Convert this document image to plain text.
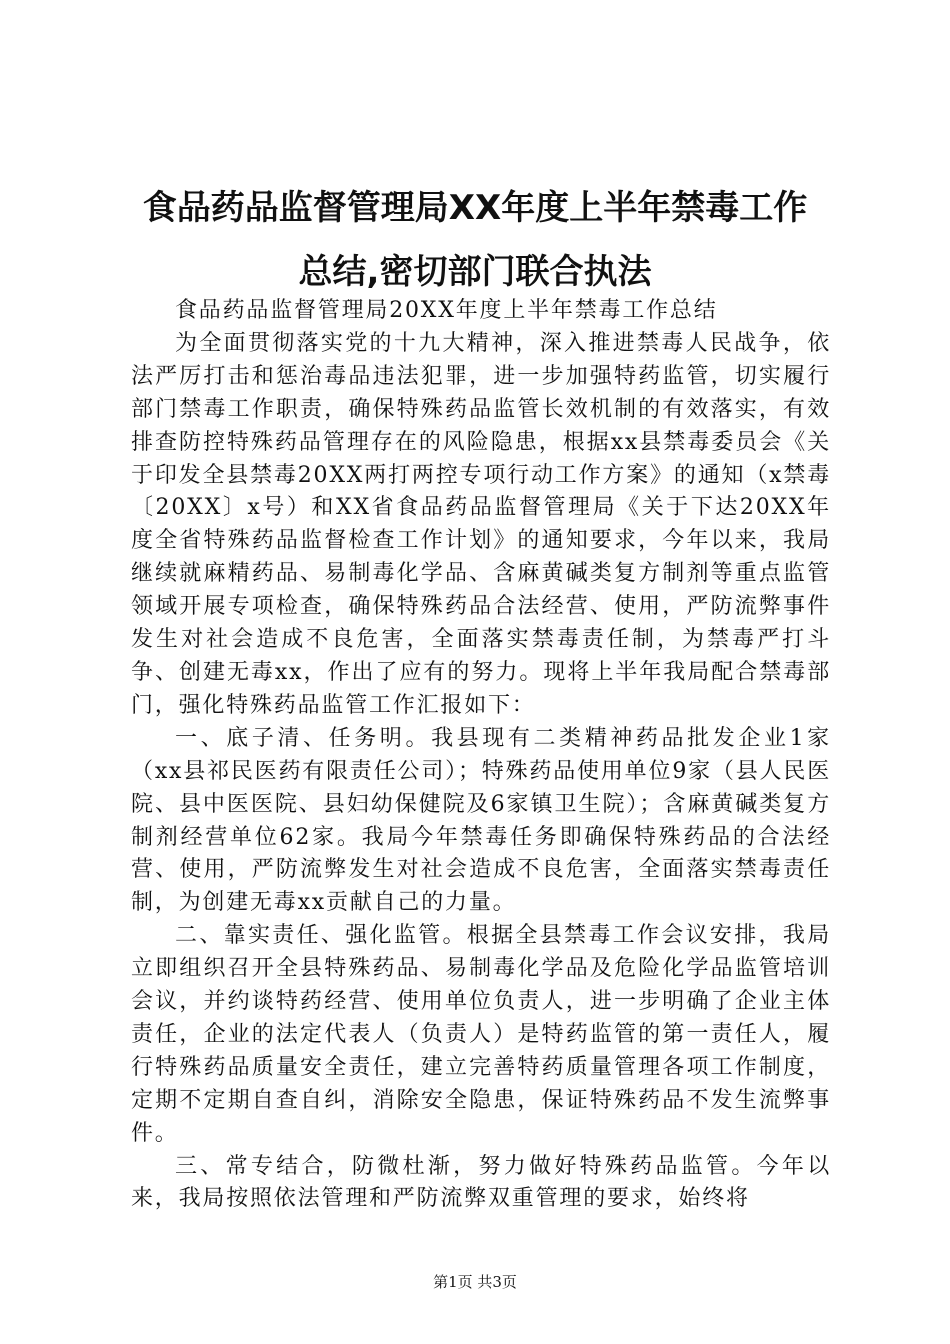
食品药品监督管理局XX年度上半年禁毒工作
总结,密切部门联合执法

食品药品监督管理局20XX年度上半年禁毒工作总结

为全面贯彻落实党的十九大精神，深入推进禁毒人民战争，依法严厉打击和惩治毒品违法犯罪，进一步加强特药监管，切实履行部门禁毒工作职责，确保特殊药品监管长效机制的有效落实，有效排查防控特殊药品管理存在的风险隐患，根据xx县禁毒委员会《关于印发全县禁毒20XX两打两控专项行动工作方案》的通知（x禁毒〔20XX〕x号）和XX省食品药品监督管理局《关于下达20XX年度全省特殊药品监督检查工作计划》的通知要求，今年以来，我局继续就麻精药品、易制毒化学品、含麻黄碱类复方制剂等重点监管领域开展专项检查，确保特殊药品合法经营、使用，严防流弊事件发生对社会造成不良危害，全面落实禁毒责任制，为禁毒严打斗争、创建无毒xx，作出了应有的努力。现将上半年我局配合禁毒部门，强化特殊药品监管工作汇报如下：

一、底子清、任务明。我县现有二类精神药品批发企业1家（xx县祁民医药有限责任公司）；特殊药品使用单位9家（县人民医院、县中医医院、县妇幼保健院及6家镇卫生院）；含麻黄碱类复方制剂经营单位62家。我局今年禁毒任务即确保特殊药品的合法经营、使用，严防流弊发生对社会造成不良危害，全面落实禁毒责任制，为创建无毒xx贡献自己的力量。

二、靠实责任、强化监管。根据全县禁毒工作会议安排，我局立即组织召开全县特殊药品、易制毒化学品及危险化学品监管培训会议，并约谈特药经营、使用单位负责人，进一步明确了企业主体责任，企业的法定代表人（负责人）是特药监管的第一责任人，履行特殊药品质量安全责任，建立完善特药质量管理各项工作制度，定期不定期自查自纠，消除安全隐患，保证特殊药品不发生流弊事件。

三、常专结合，防微杜渐，努力做好特殊药品监管。今年以来，我局按照依法管理和严防流弊双重管理的要求，始终将

第1页 共3页
